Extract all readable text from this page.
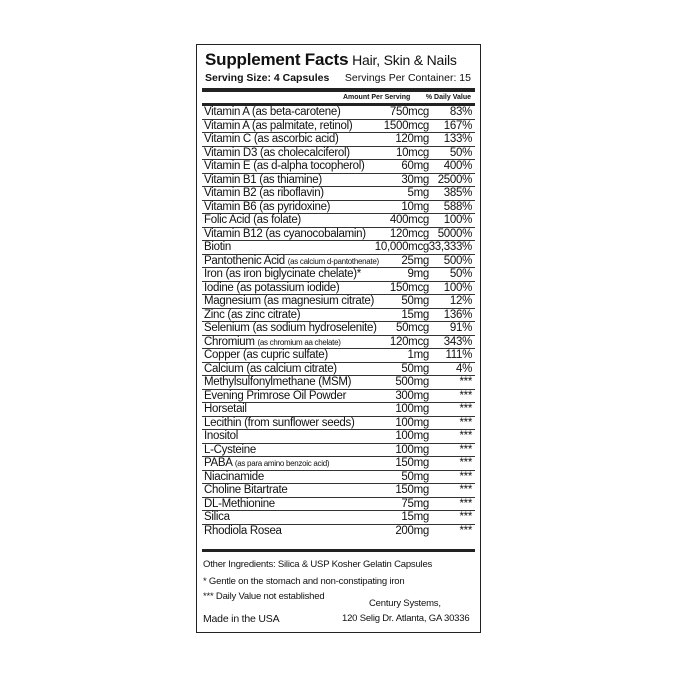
Supplement Facts
- Hair, Skin & Nails
Serving Size: 4 Capsules Servings Per Container: 15
Amount Per Serving % Daily Value
Vitamin A (as beta-carotene)	750mcg 83%
Vitamin A (as palmitate, retinol)	1500mcg 167%
Vitamin C (as ascorbic acid)	120mg 133%
Vitamin D3 (as cholecalciferol)	10mcg 50%
Vitamin E (as d-alpha tocopherol)	60mg 400%
Vitamin B1 (as thiamine)	30mg 2500%
Vitamin B2 (as riboflavin)	5mg 385%
Vitamin B6 (as pyridoxine)	10mg 588%
Folic Acid (as folate)	400mcg 100%
Vitamin B12 (as cyanocobalamin) 120mcg 5000%
Biotin	10,000mcg 33,333%
Pantothenic Acid (as calcium d-pantothenate) 25mg 500%
Iron (as iron biglycinate chelate)*	9mg 50%
Iodine (as potassium iodide)	150mcg 100%
Magnesium (as magnesium citrate) 50mg 12%
Zinc (as zinc citrate)	15mg 136%
Selenium (as sodium hydroselenite) 50mcg 91%
Chromium (as chromium aa chelate)	120mcg 343%
Copper (as cupric sulfate)	1mg 111%
Calcium (as calcium citrate)	50mg 4%
Methylsulfonylmethane (MSM)	500mg	***
Evening Primrose Oil Powder	300mg	***
Horsetail	100mg	***
Lecithin (from sunflower seeds)	100mg	***
Inositol	100mg	***
L-Cysteine	100mg	***
PABA (as para amino benzoic acid)	150mg	***
Niacinamide	50mg	***
Choline Bitartrate	150mg	***
DL-Methionine	75mg	***
Silica	15mg	***
Rhodiola Rosea	200mg	***
Other Ingredients: Silica & USP Kosher Gelatin Capsules
* Gentle on the stomach and non-constipating iron
*** Daily Value not established
Century Systems,
Made in the USA	120 Selig Dr. Atlanta, GA 30336
